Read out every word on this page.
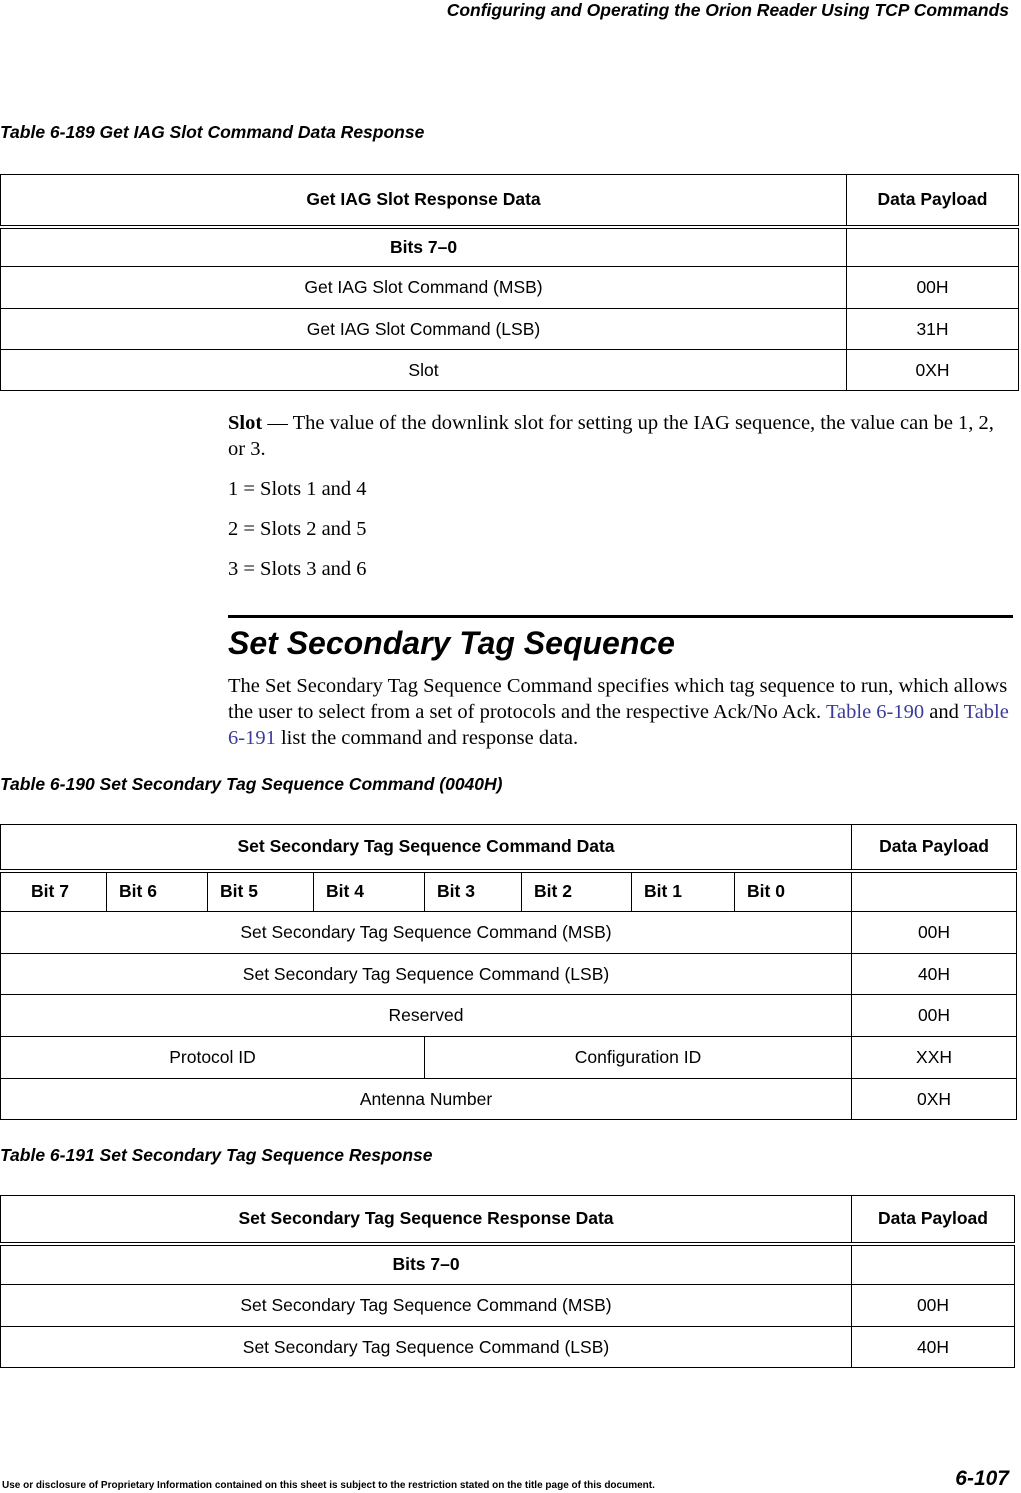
Configuring and Operating the Orion Reader Using TCP Commands
Table 6-189 Get IAG Slot Command Data Response
Get IAG Slot Response Data	Data Payload
Bits 7–0	
Get IAG Slot Command (MSB)	00H
Get IAG Slot Command (LSB)	31H
Slot	0XH

Slot — The value of the downlink slot for setting up the IAG sequence, the value can be 1, 2, or 3.

1 = Slots 1 and 4

2 = Slots 2 and 5

3 = Slots 3 and 6

Set Secondary Tag Sequence

The Set Secondary Tag Sequence Command specifies which tag sequence to run, which allows the user to select from a set of protocols and the respective Ack/No Ack. Table 6-190 and Table 6-191 list the command and response data.

Table 6-190 Set Secondary Tag Sequence Command (0040H)
Set Secondary Tag Sequence Command Data								Data Payload
Bit 7	Bit 6	Bit 5	Bit 4	Bit 3	Bit 2	Bit 1	Bit 0	
Set Secondary Tag Sequence Command (MSB)								00H
Set Secondary Tag Sequence Command (LSB)								40H
Reserved								00H
Protocol ID				Configuration ID				XXH
Antenna Number								0XH
Table 6-191 Set Secondary Tag Sequence Response
Set Secondary Tag Sequence Response Data	Data Payload
Bits 7–0	
Set Secondary Tag Sequence Command (MSB)	00H
Set Secondary Tag Sequence Command (LSB)	40H
Use or disclosure of Proprietary Information contained on this sheet is subject to the restriction stated on the title page of this document.	6-107
